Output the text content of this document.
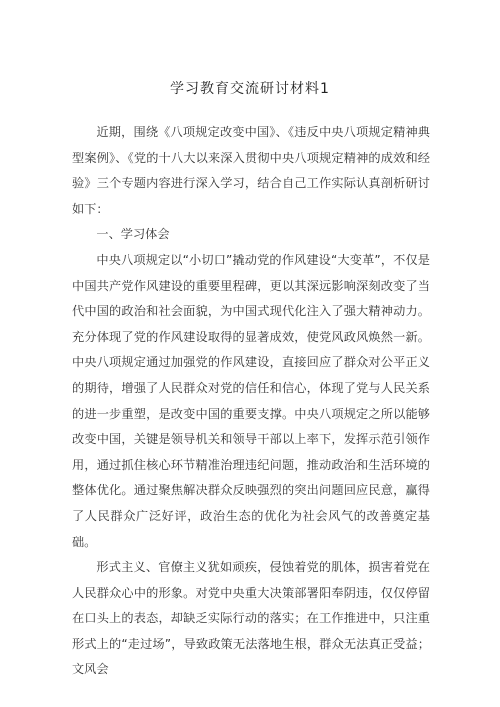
学习教育交流研讨材料1

近期，围绕《八项规定改变中国》、《违反中央八项规定精神典型案例》、《党的十八大以来深入贯彻中央八项规定精神的成效和经验》三个专题内容进行深入学习，结合自己工作实际认真剖析研讨如下：

一、学习体会

中央八项规定以“小切口”撬动党的作风建设“大变革”，不仅是中国共产党作风建设的重要里程碑，更以其深远影响深刻改变了当代中国的政治和社会面貌，为中国式现代化注入了强大精神动力。充分体现了党的作风建设取得的显著成效，使党风政风焕然一新。中央八项规定通过加强党的作风建设，直接回应了群众对公平正义的期待，增强了人民群众对党的信任和信心，体现了党与人民关系的进一步重塑，是改变中国的重要支撑。中央八项规定之所以能够改变中国，关键是领导机关和领导干部以上率下，发挥示范引领作用，通过抓住核心环节精准治理违纪问题，推动政治和生活环境的整体优化。通过聚焦解决群众反映强烈的突出问题回应民意，赢得了人民群众广泛好评，政治生态的优化为社会风气的改善奠定基础。

形式主义、官僚主义犹如顽疾，侵蚀着党的肌体，损害着党在人民群众心中的形象。对党中央重大决策部署阳奉阴违，仅仅停留在口头上的表态，却缺乏实际行动的落实；在工作推进中，只注重形式上的“走过场”，导致政策无法落地生根，群众无法真正受益；文风会
